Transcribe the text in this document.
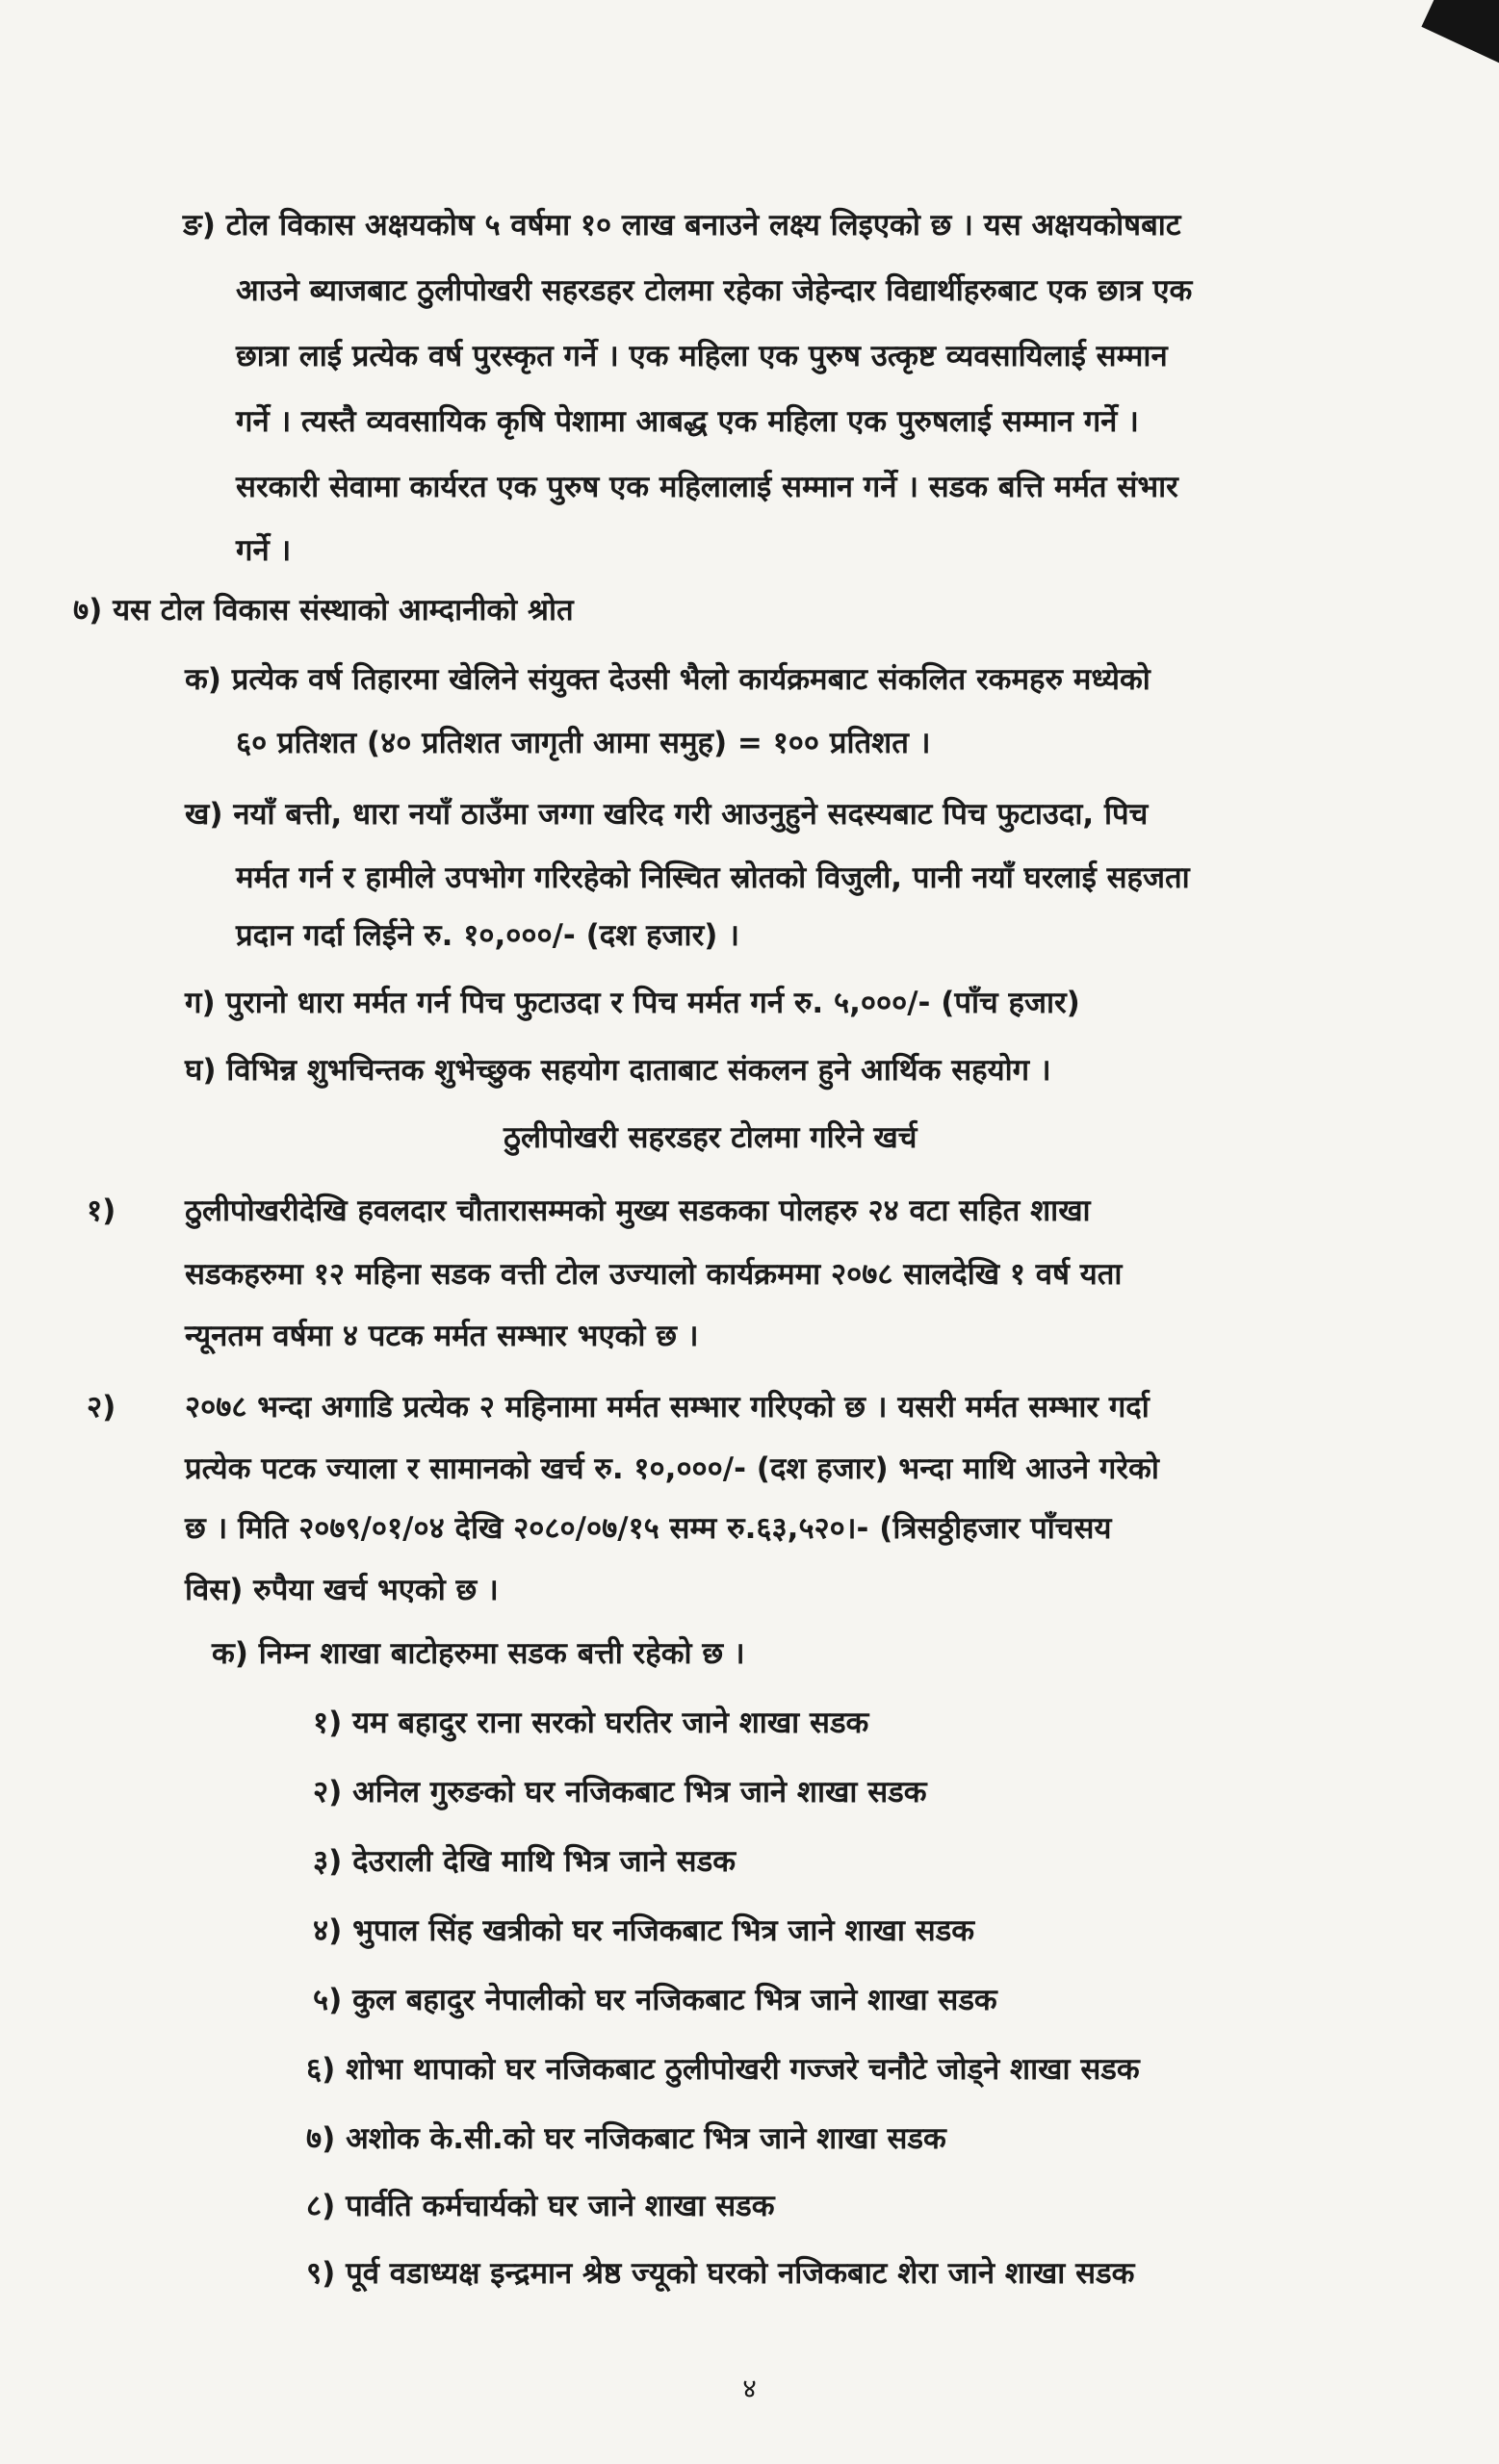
ङ) टोल विकास अक्षयकोष ५ वर्षमा १० लाख बनाउने लक्ष्य लिइएको छ । यस अक्षयकोषबाट
आउने ब्याजबाट ठुलीपोखरी सहरडहर टोलमा रहेका जेहेन्दार विद्यार्थीहरुबाट एक छात्र एक
छात्रा लाई प्रत्येक वर्ष पुरस्कृत गर्ने । एक महिला एक पुरुष उत्कृष्ट व्यवसायिलाई सम्मान
गर्ने । त्यस्तै व्यवसायिक कृषि पेशामा आबद्ध एक महिला एक पुरुषलाई सम्मान गर्ने ।
सरकारी सेवामा कार्यरत एक पुरुष एक महिलालाई सम्मान गर्ने । सडक बत्ति मर्मत संभार
गर्ने ।
७) यस टोल विकास संस्थाको आम्दानीको श्रोत
क) प्रत्येक वर्ष तिहारमा खेलिने संयुक्त देउसी भैलो कार्यक्रमबाट संकलित रकमहरु मध्येको
६० प्रतिशत (४० प्रतिशत जागृती आमा समुह) = १०० प्रतिशत ।
ख) नयाँ बत्ती, धारा नयाँ ठाउँमा जग्गा खरिद गरी आउनुहुने सदस्यबाट पिच फुटाउदा, पिच
मर्मत गर्न र हामीले उपभोग गरिरहेको निस्चित स्रोतको विजुली, पानी नयाँ घरलाई सहजता
प्रदान गर्दा लिईने रु. १०,०००/- (दश हजार) ।
ग) पुरानो धारा मर्मत गर्न पिच फुटाउदा र पिच मर्मत गर्न रु. ५,०००/- (पाँच हजार)
घ) विभिन्न शुभचिन्तक शुभेच्छुक सहयोग दाताबाट संकलन हुने आर्थिक सहयोग ।
ठुलीपोखरी सहरडहर टोलमा गरिने खर्च
१) ठुलीपोखरीदेखि हवलदार चौतारासम्मको मुख्य सडकका पोलहरु २४ वटा सहित शाखा
सडकहरुमा १२ महिना सडक वत्ती टोल उज्यालो कार्यक्रममा २०७८ सालदेखि १ वर्ष यता
न्यूनतम वर्षमा ४ पटक मर्मत सम्भार भएको छ ।
२) २०७८ भन्दा अगाडि प्रत्येक २ महिनामा मर्मत सम्भार गरिएको छ । यसरी मर्मत सम्भार गर्दा
प्रत्येक पटक ज्याला र सामानको खर्च रु. १०,०००/- (दश हजार) भन्दा माथि आउने गरेको
छ । मिति २०७९/०१/०४ देखि २०८०/०७/१५ सम्म रु.६३,५२०।- (त्रिसठ्ठीहजार पाँचसय
विस) रुपैया खर्च भएको छ ।
क) निम्न शाखा बाटोहरुमा सडक बत्ती रहेको छ ।
१) यम बहादुर राना सरको घरतिर जाने शाखा सडक
२) अनिल गुरुङको घर नजिकबाट भित्र जाने शाखा सडक
३) देउराली देखि माथि भित्र जाने सडक
४) भुपाल सिंह खत्रीको घर नजिकबाट भित्र जाने शाखा सडक
५) कुल बहादुर नेपालीको घर नजिकबाट भित्र जाने शाखा सडक
६) शोभा थापाको घर नजिकबाट ठुलीपोखरी गज्जरे चनौटे जोड्ने शाखा सडक
७) अशोक के.सी.को घर नजिकबाट भित्र जाने शाखा सडक
८) पार्वति कर्मचार्यको घर जाने शाखा सडक
९) पूर्व वडाध्यक्ष इन्द्रमान श्रेष्ठ ज्यूको घरको नजिकबाट शेरा जाने शाखा सडक
४
